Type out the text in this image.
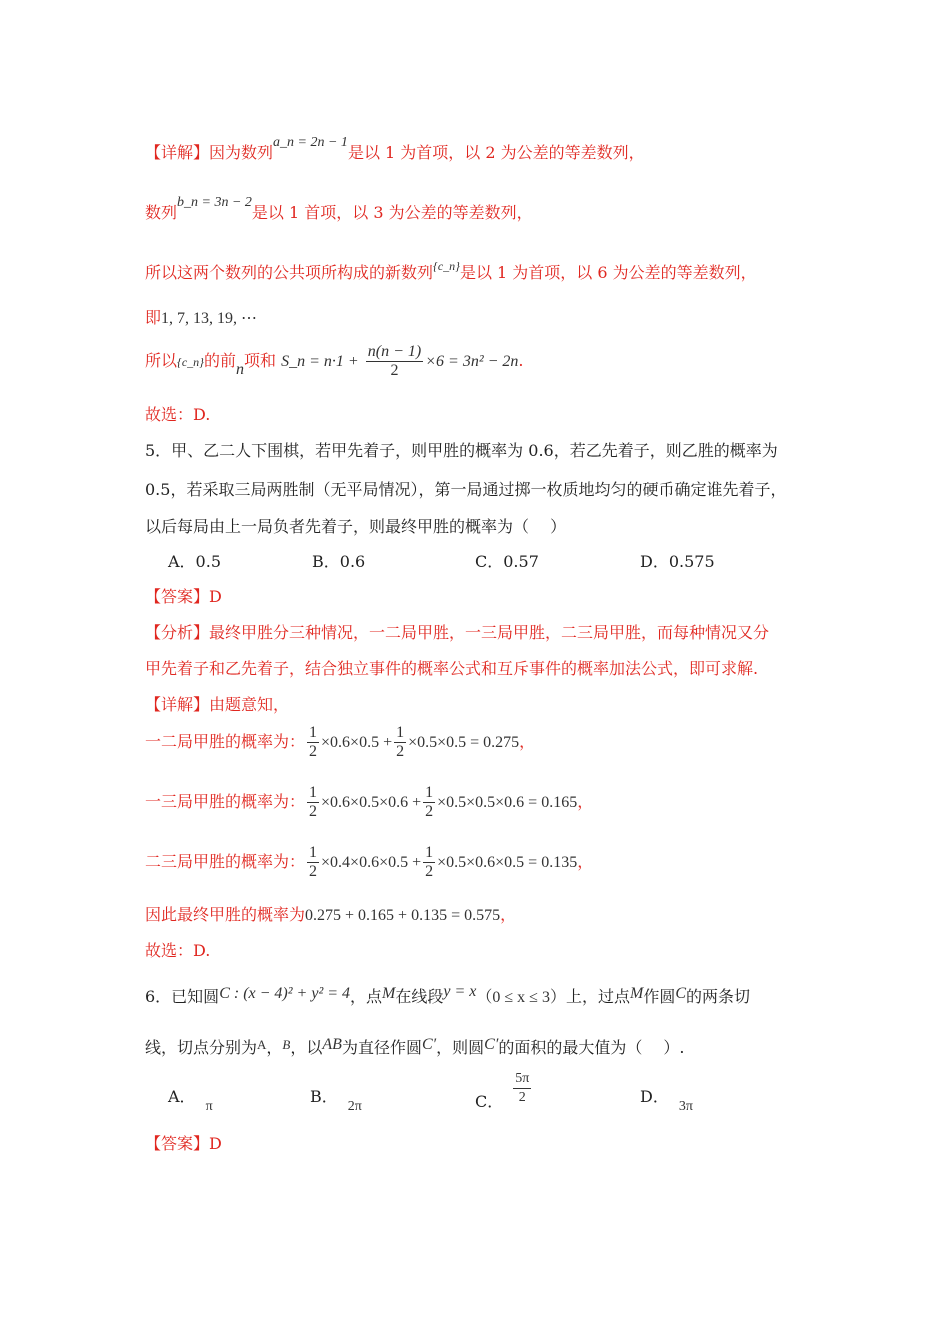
【详解】因为数列a_n = 2n − 1是以 1 为首项，以 2 为公差的等差数列，
数列b_n = 3n − 2是以 1 首项，以 3 为公差的等差数列，
所以这两个数列的公共项所构成的新数列$^{\{c\_n\}}$是以 1 为首项，以 6 为公差的等差数列，
即1, 7, 13, 19, ⋯
所以{c_n}的前n项和 S_n = $n\cdot 1 + \frac{n(n - 1)}{2} \times 6 = 3n^2 - 2n$.
故选：D.
5．甲、乙二人下围棋，若甲先着子，则甲胜的概率为 0.6，若乙先着子，则乙胜的概率为
0.5，若采取三局两胜制（无平局情况），第一局通过掷一枚质地均匀的硬币确定谁先着子，
以后每局由上一局负者先着子，则最终甲胜的概率为（　 ）
A．0.5	B．0.6	C．0.57	D．0.575
【答案】D
【分析】最终甲胜分三种情况，一二局甲胜，一三局甲胜，二三局甲胜，而每种情况又分
甲先着子和乙先着子，结合独立事件的概率公式和互斥事件的概率加法公式，即可求解.
【详解】由题意知，
一二局甲胜的概率为： $\frac{1}{2} \times 0.6\times 0.5 + \frac{1}{2} \times 0.5\times 0.5 = 0.275$，
一三局甲胜的概率为： $\frac{1}{2} \times 0.6\times 0.5\times 0.6 + \frac{1}{2} \times 0.5\times 0.5\times 0.6 = 0.165$，
二三局甲胜的概率为： $\frac{1}{2} \times 0.4\times 0.6\times 0.5 + \frac{1}{2} \times 0.5\times 0.6\times 0.5 = 0.135$，
因此最终甲胜的概率为0.275 + 0.165 + 0.135 = 0.575，
故选：D.
6．已知圆C : (x − 4)² + y² = 4，点M在线段y = x（0 ≤ x ≤ 3）上，过点M作圆C的两条切
线，切点分别为$^A$，$^B$，以AB为直径作圆C′，则圆C′的面积的最大值为（　 ）.
A．π
B．2π	C． $\frac{5\pi}{2}$	D．3π
【答案】D
